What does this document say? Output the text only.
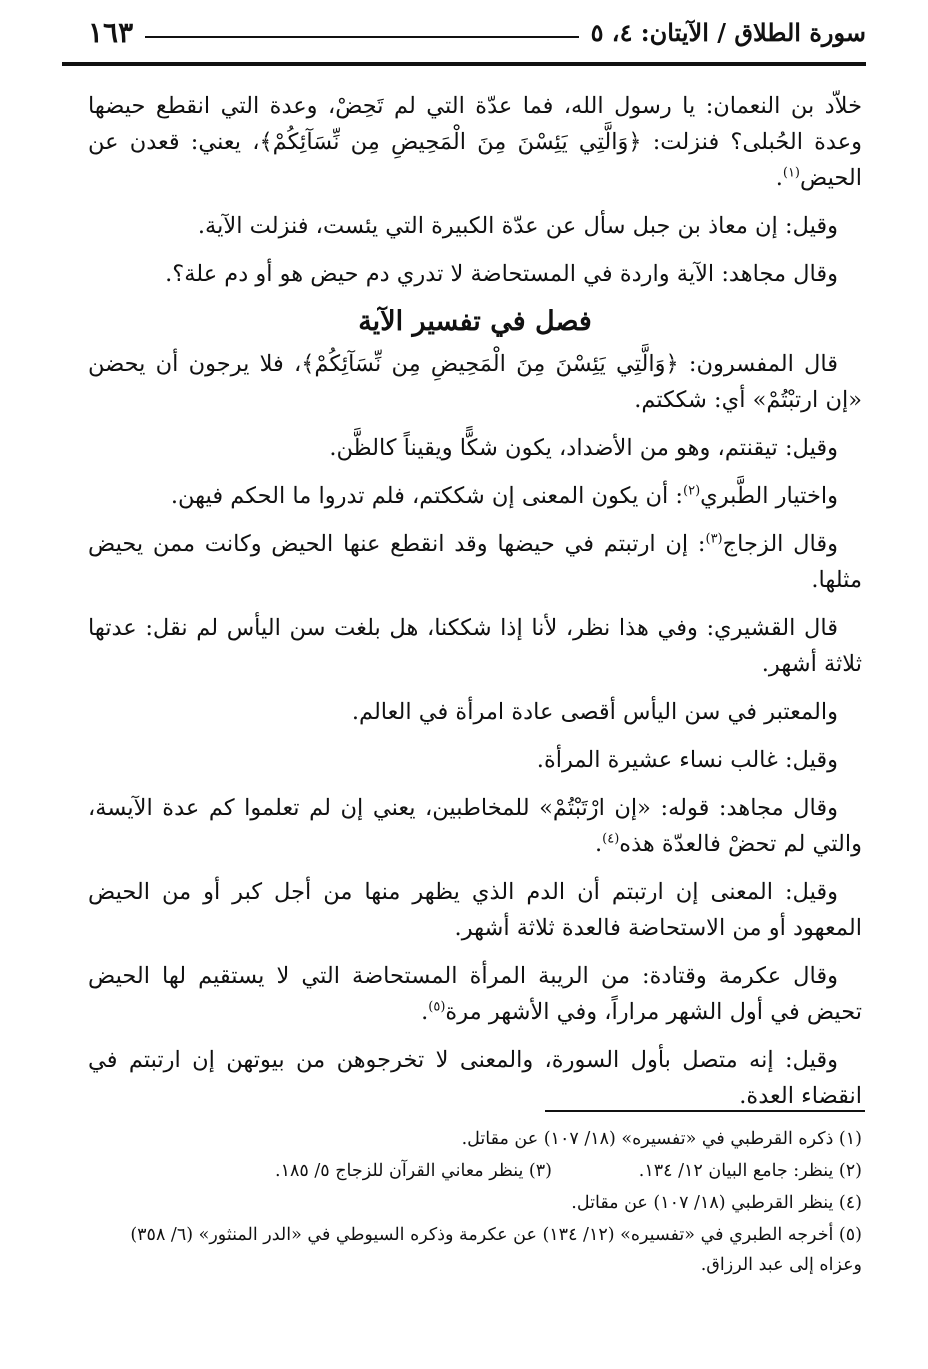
سورة الطلاق / الآيتان: ٤، ٥
١٦٣

خلاّد بن النعمان: يا رسول الله، فما عدّة التي لم تَحِضْ، وعدة التي انقطع حيضها وعدة الحُبلى؟ فنزلت: ﴿وَالَّتِي يَئِسْنَ مِنَ الْمَحِيضِ مِن نِّسَآئِكُمْ﴾، يعني: قعدن عن الحيض$^{(١)}$.

وقيل: إن معاذ بن جبل سأل عن عدّة الكبيرة التي يئست، فنزلت الآية.

وقال مجاهد: الآية واردة في المستحاضة لا تدري دم حيض هو أو دم علة؟.

فصل في تفسير الآية

قال المفسرون: ﴿وَالَّتِي يَئِسْنَ مِنَ الْمَحِيضِ مِن نِّسَآئِكُمْ﴾، فلا يرجون أن يحضن «إن ارتبْتُمْ» أي: شككتم.

وقيل: تيقنتم، وهو من الأضداد، يكون شكًّا ويقيناً كالظَّن.

واختيار الطَّبري$^{(٢)}$: أن يكون المعنى إن شككتم، فلم تدروا ما الحكم فيهن.

وقال الزجاج$^{(٣)}$: إن ارتبتم في حيضها وقد انقطع عنها الحيض وكانت ممن يحيض مثلها.

قال القشيري: وفي هذا نظر، لأنا إذا شككنا، هل بلغت سن اليأس لم نقل: عدتها ثلاثة أشهر.

والمعتبر في سن اليأس أقصى عادة امرأة في العالم.

وقيل: غالب نساء عشيرة المرأة.

وقال مجاهد: قوله: «إن ارْتَبْتُمْ» للمخاطبين، يعني إن لم تعلموا كم عدة الآيسة، والتي لم تحضْ فالعدّة هذه$^{(٤)}$.

وقيل: المعنى إن ارتبتم أن الدم الذي يظهر منها من أجل كبر أو من الحيض المعهود أو من الاستحاضة فالعدة ثلاثة أشهر.

وقال عكرمة وقتادة: من الريبة المرأة المستحاضة التي لا يستقيم لها الحيض تحيض في أول الشهر مراراً، وفي الأشهر مرة$^{(٥)}$.

وقيل: إنه متصل بأول السورة، والمعنى لا تخرجوهن من بيوتهن إن ارتبتم في انقضاء العدة.

(١) ذكره القرطبي في «تفسيره» (١٨/ ١٠٧) عن مقاتل.
(٢) ينظر: جامع البيان ١٢/ ١٣٤.
(٣) ينظر معاني القرآن للزجاج ٥/ ١٨٥.
(٤) ينظر القرطبي (١٨/ ١٠٧) عن مقاتل.
(٥) أخرجه الطبري في «تفسيره» (١٢/ ١٣٤) عن عكرمة وذكره السيوطي في «الدر المنثور» (٦/ ٣٥٨) وعزاه إلى عبد الرزاق.
